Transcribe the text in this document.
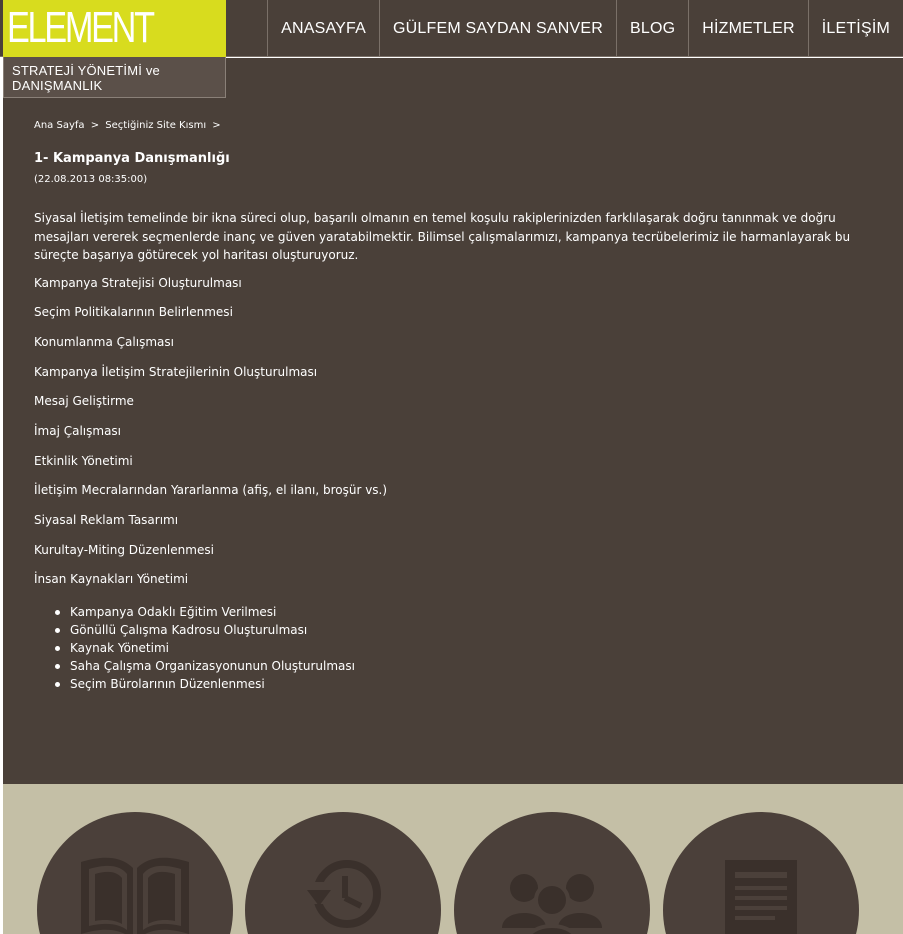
ANASAYFA	GÜLFEM SAYDAN SANVER	BLOG	HİZMETLER	İLETİŞİM
ELEMENT
STRATEJİ YÖNETİMİ ve
DANIŞMANLIK
Ana Sayfa > Seçtiğiniz Site Kısmı >
1- Kampanya Danışmanlığı
(22.08.2013 08:35:00)
Siyasal İletişim temelinde bir ikna süreci olup, başarılı olmanın en temel koşulu rakiplerinizden farklılaşarak doğru tanınmak ve doğru mesajları vererek seçmenlerde inanç ve güven yaratabilmektir. Bilimsel çalışmalarımızı, kampanya tecrübelerimiz ile harmanlayarak bu süreçte başarıya götürecek yol haritası oluşturuyoruz.
Kampanya Stratejisi Oluşturulması
Seçim Politikalarının Belirlenmesi
Konumlanma Çalışması
Kampanya İletişim Stratejilerinin Oluşturulması
Mesaj Geliştirme
İmaj Çalışması
Etkinlik Yönetimi
İletişim Mecralarından Yararlanma (afiş, el ilanı, broşür vs.)
Siyasal Reklam Tasarımı
Kurultay-Miting Düzenlenmesi
İnsan Kaynakları Yönetimi
Kampanya Odaklı Eğitim Verilmesi
Gönüllü Çalışma Kadrosu Oluşturulması
Kaynak Yönetimi
Saha Çalışma Organizasyonunun Oluşturulması
Seçim Bürolarının Düzenlenmesi
